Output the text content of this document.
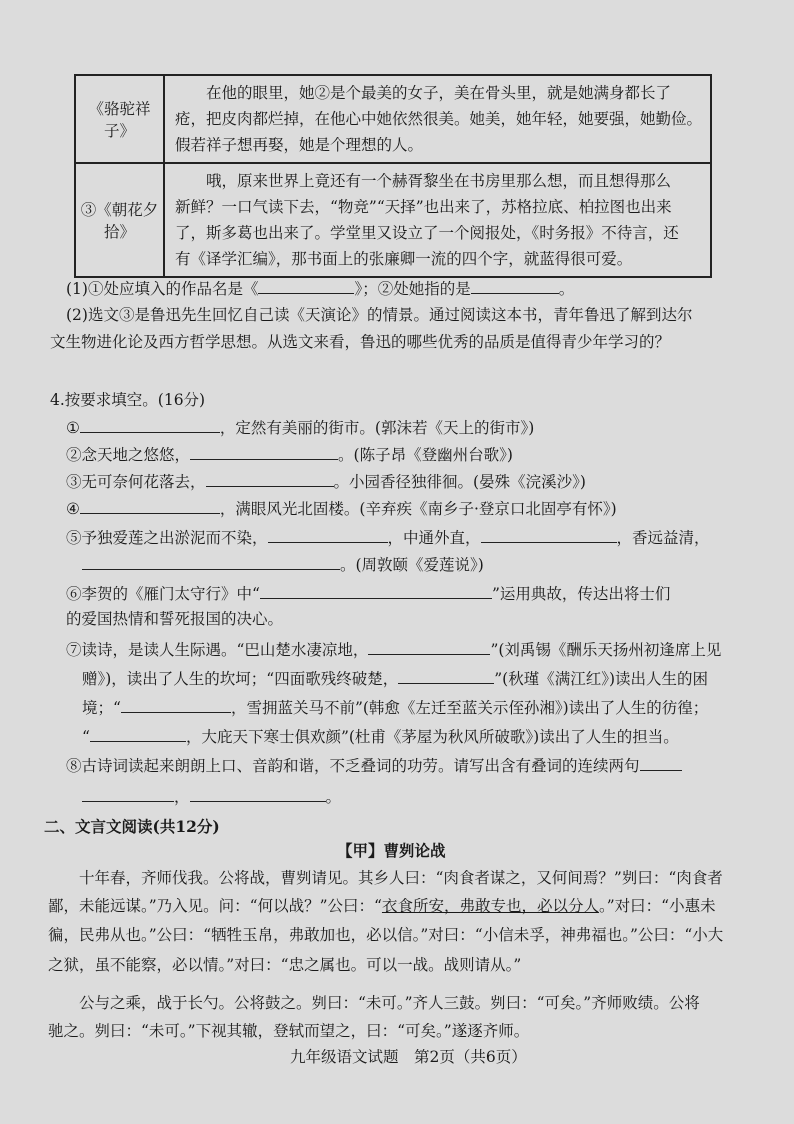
《骆驼祥子》	　　在他的眼里，她②是个最美的女子，美在骨头里，就是她满身都长了
疮，把皮肉都烂掉，在他心中她依然很美。她美，她年轻，她要强，她勤俭。
假若祥子想再娶，她是个理想的人。

③《朝花夕拾》	　　哦，原来世界上竟还有一个赫胥黎坐在书房里那么想，而且想得那么
新鲜？一口气读下去，“物竞”“天择”也出来了，苏格拉底、柏拉图也出来
了，斯多葛也出来了。学堂里又设立了一个阅报处，《时务报》不待言，还
有《译学汇编》，那书面上的张廉卿一流的四个字，就蓝得很可爱。
(1)①处应填入的作品名是《	》；②处她指的是	。
(2)选文③是鲁迅先生回忆自己读《天演论》的情景。通过阅读这本书，青年鲁迅了解到达尔
文生物进化论及西方哲学思想。从选文来看，鲁迅的哪些优秀的品质是值得青少年学习的？
4.按要求填空。(16分)
①	，定然有美丽的街市。(郭沫若《天上的街市》)
②念天地之悠悠，	。(陈子昂《登幽州台歌》)
③无可奈何花落去，	。小园香径独徘徊。(晏殊《浣溪沙》)
④	，满眼风光北固楼。(辛弃疾《南乡子·登京口北固亭有怀》)
⑤予独爱莲之出淤泥而不染，	，中通外直，	，香远益清，
。(周敦颐《爱莲说》)
⑥李贺的《雁门太守行》中“	”运用典故，传达出将士们
的爱国热情和誓死报国的决心。
⑦读诗，是读人生际遇。“巴山楚水凄凉地，	”(刘禹锡《酬乐天扬州初逢席上见
赠》)，读出了人生的坎坷；“四面歌残终破楚，	”(秋瑾《满江红》)读出人生的困
境；“	，雪拥蓝关马不前”(韩愈《左迁至蓝关示侄孙湘》)读出了人生的彷徨；
“	，大庇天下寒士俱欢颜”(杜甫《茅屋为秋风所破歌》)读出了人生的担当。
⑧古诗词读起来朗朗上口、音韵和谐，不乏叠词的功劳。请写出含有叠词的连续两句
，	。
二、文言文阅读(共12分)
【甲】曹刿论战
　　十年春，齐师伐我。公将战，曹刿请见。其乡人曰：“肉食者谋之，又何间焉？”刿曰：“肉食者
鄙，未能远谋。”乃入见。问：“何以战？”公曰：“衣食所安，弗敢专也，必以分人。”对曰：“小惠未
徧，民弗从也。”公曰：“牺牲玉帛，弗敢加也，必以信。”对曰：“小信未孚，神弗福也。”公曰：“小大
之狱，虽不能察，必以情。”对曰：“忠之属也。可以一战。战则请从。”
　　公与之乘，战于长勺。公将鼓之。刿曰：“未可。”齐人三鼓。刿曰：“可矣。”齐师败绩。公将
驰之。刿曰：“未可。”下视其辙，登轼而望之，曰：“可矣。”遂逐齐师。
九年级语文试题　第2页（共6页）
